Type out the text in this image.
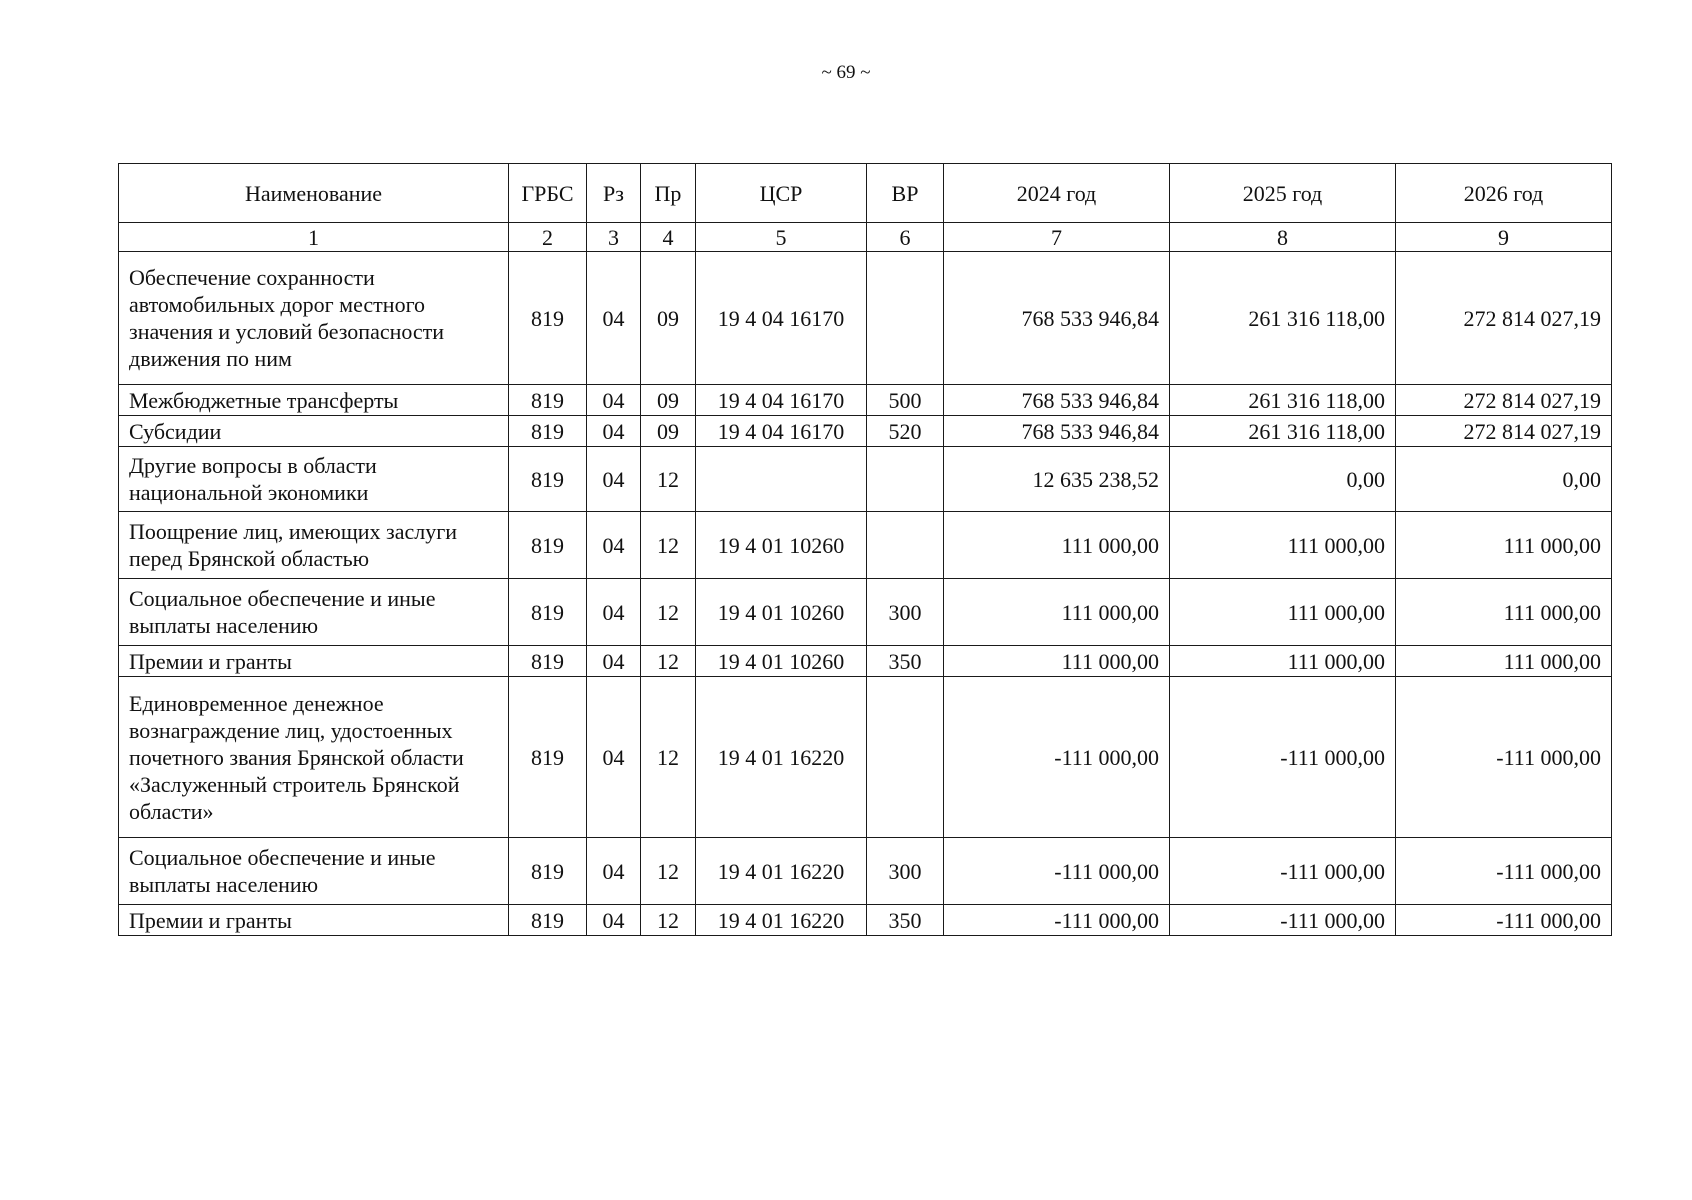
~ 69 ~
Наименование	ГРБС	Рз	Пр	ЦСР	ВР	2024 год	2025 год	2026 год
1	2	3	4	5	6	7	8	9
Обеспечение сохранности автомобильных дорог местного значения и условий безопасности движения по ним	819	04	09	19 4 04 16170		768 533 946,84	261 316 118,00	272 814 027,19
Межбюджетные трансферты	819	04	09	19 4 04 16170	500	768 533 946,84	261 316 118,00	272 814 027,19
Субсидии	819	04	09	19 4 04 16170	520	768 533 946,84	261 316 118,00	272 814 027,19
Другие вопросы в области национальной экономики	819	04	12			12 635 238,52	0,00	0,00
Поощрение лиц, имеющих заслуги перед Брянской областью	819	04	12	19 4 01 10260		111 000,00	111 000,00	111 000,00
Социальное обеспечение и иные выплаты населению	819	04	12	19 4 01 10260	300	111 000,00	111 000,00	111 000,00
Премии и гранты	819	04	12	19 4 01 10260	350	111 000,00	111 000,00	111 000,00
Единовременное денежное вознаграждение лиц, удостоенных почетного звания Брянской области «Заслуженный строитель Брянской области»	819	04	12	19 4 01 16220		-111 000,00	-111 000,00	-111 000,00
Социальное обеспечение и иные выплаты населению	819	04	12	19 4 01 16220	300	-111 000,00	-111 000,00	-111 000,00
Премии и гранты	819	04	12	19 4 01 16220	350	-111 000,00	-111 000,00	-111 000,00
